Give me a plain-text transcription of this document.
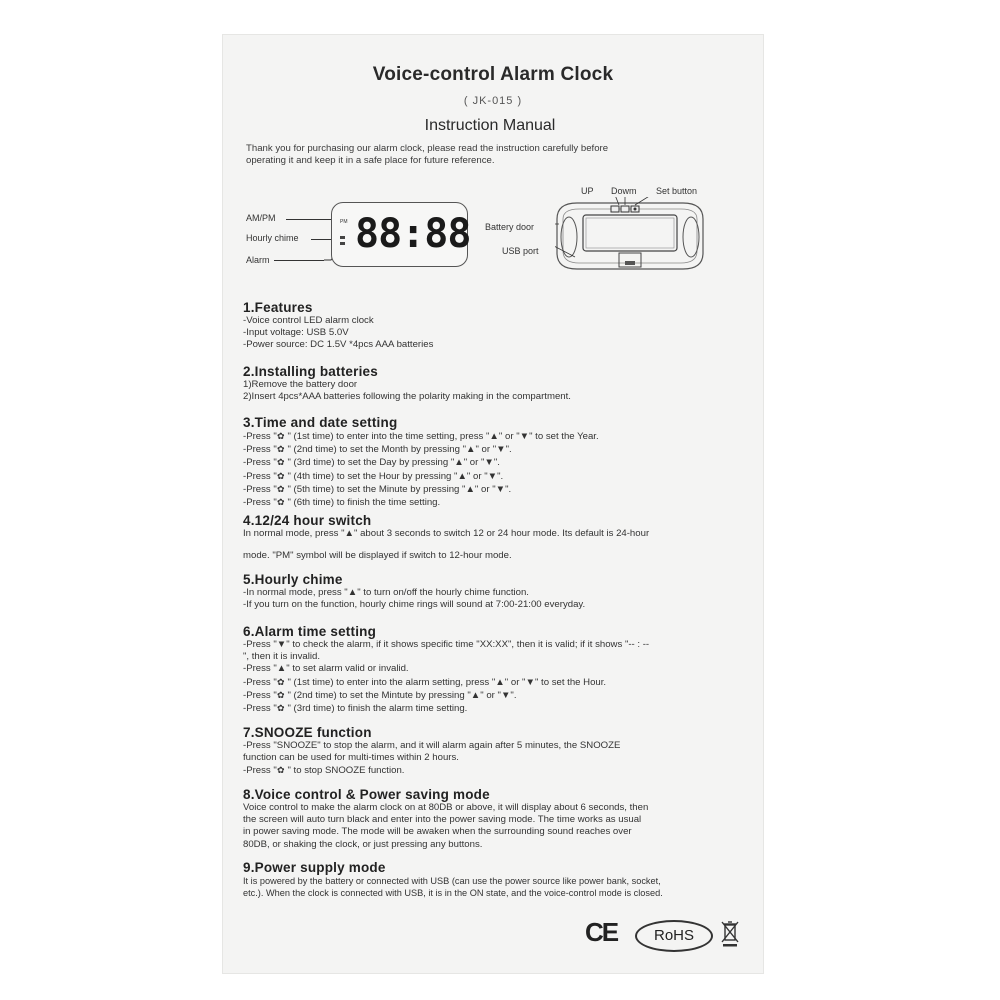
Voice-control Alarm Clock
( JK-015 )
Instruction Manual
Thank you for purchasing our alarm clock, please read the instruction carefully before
operating it and keep it in a safe place for future reference.
AM/PM
Hourly chime
Alarm
PM 88:88
UP Dowm Set button
Battery door
USB port
1.Features
-Voice control LED alarm clock
-Input voltage: USB 5.0V
-Power source: DC 1.5V *4pcs AAA batteries
2.Installing batteries
1)Remove the battery door
2)Insert 4pcs*AAA batteries following the polarity making in the compartment.
3.Time and date setting
-Press "✿ " (1st time) to enter into the time setting, press "▲" or "▼" to set the Year.
-Press "✿ " (2nd time) to set the Month by pressing "▲" or "▼".
-Press "✿ " (3rd time) to set the Day by pressing "▲" or "▼".
-Press "✿ " (4th time) to set the Hour by pressing "▲" or "▼".
-Press "✿ " (5th time) to set the Minute by pressing "▲" or "▼".
-Press "✿ " (6th time) to finish the time setting.
4.12/24 hour switch
In normal mode, press "▲" about 3 seconds to switch 12 or 24 hour mode. Its default is 24-hour
mode. "PM" symbol will be displayed if switch to 12-hour mode.
5.Hourly chime
-In normal mode, press "▲" to turn on/off the hourly chime function.
-If you turn on the function, hourly chime rings will sound at 7:00-21:00 everyday.
6.Alarm time setting
-Press "▼" to check the alarm, if it shows specific time "XX:XX", then it is valid; if it shows "-- : --
", then it is invalid.
-Press "▲" to set alarm valid or invalid.
-Press "✿ " (1st time) to enter into the alarm setting, press "▲" or "▼" to set the Hour.
-Press "✿ " (2nd time) to set the Mintute by pressing "▲" or "▼".
-Press "✿ " (3rd time) to finish the alarm time setting.
7.SNOOZE function
-Press "SNOOZE" to stop the alarm, and it will alarm again after 5 minutes, the SNOOZE
function can be used for multi-times within 2 hours.
-Press "✿ " to stop SNOOZE function.
8.Voice control & Power saving mode
Voice control to make the alarm clock on at 80DB or above, it will display about 6 seconds, then
the screen will auto turn black and enter into the power saving mode. The time works as usual
in power saving mode. The mode will be awaken when the surrounding sound reaches over
80DB, or shaking the clock, or just pressing any buttons.
9.Power supply mode
It is powered by the battery or connected with USB (can use the power source like power bank, socket,
etc.). When the clock is connected with USB, it is in the ON state, and the voice-control mode is closed.
CE	RoHS
